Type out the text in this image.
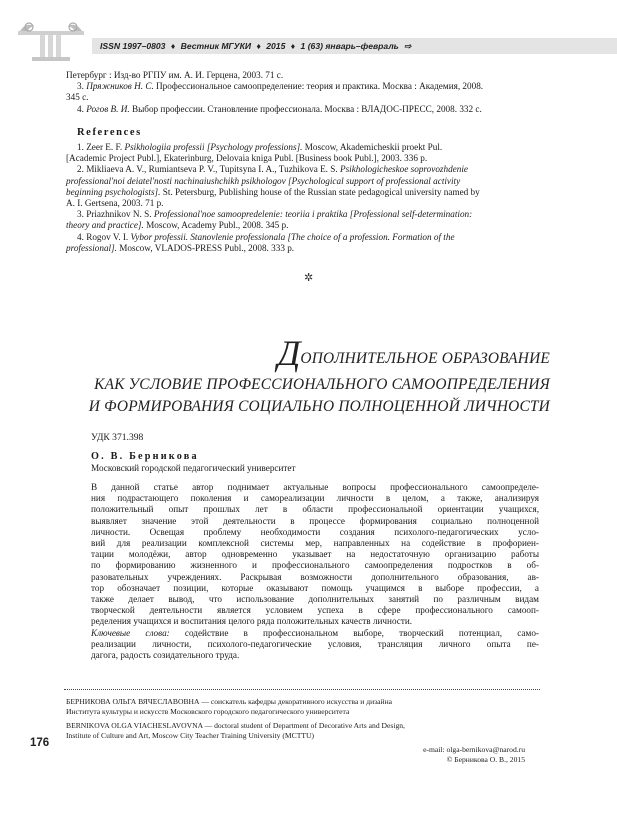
ISSN 1997–0803 ♦ Вестник МГУКИ ♦ 2015 ♦ 1 (63) январь–февраль ⇨
Петербург : Изд-во РГПУ им. А. И. Герцена, 2003. 71 с.
3. Пряжников Н. С. Профессиональное самоопределение: теория и практика. Москва : Академия, 2008.
345 с.
4. Рогов В. И. Выбор профессии. Становление профессионала. Москва : ВЛАДОС-ПРЕСС, 2008. 332 с.
References
1. Zeer E. F. Psikhologiia professii [Psychology professions]. Moscow, Akademicheskii proekt Pul.
[Academic Project Publ.], Ekaterinburg, Delovaia kniga Publ. [Business book Publ.], 2003. 336 p.
2. Mikliaeva A. V., Rumiantseva P. V., Tupitsyna I. A., Tuzhikova E. S. Psikhologicheskoe soprovozhdenie
professional'noi deiatel'nosti nachinaiushchikh psikhologov [Psychological support of professional activity
beginning psychologists]. St. Petersburg, Publishing house of the Russian state pedagogical university named by
A. I. Gertsena, 2003. 71 p.
3. Priazhnikov N. S. Professional'noe samoopredelenie: teoriia i praktika [Professional self-determination:
theory and practice]. Moscow, Academy Publ., 2008. 345 p.
4. Rogov V. I. Vybor professii. Stanovlenie professionala [The choice of a profession. Formation of the
professional]. Moscow, VLADOS-PRESS Publ., 2008. 333 p.
✲
ДОПОЛНИТЕЛЬНОЕ ОБРАЗОВАНИЕ
КАК УСЛОВИЕ ПРОФЕССИОНАЛЬНОГО САМООПРЕДЕЛЕНИЯ
И ФОРМИРОВАНИЯ СОЦИАЛЬНО ПОЛНОЦЕННОЙ ЛИЧНОСТИ
УДК 371.398
О. В. Берникова
Московский городской педагогический университет
В данной статье автор поднимает актуальные вопросы профессионального самоопределе-
ния подрастающего поколения и самореализации личности в целом, а также, анализируя
положительный опыт прошлых лет в области профессиональной ориентации учащихся,
выявляет значение этой деятельности в процессе формирования социально полноценной
личности. Освещая проблему необходимости создания психолого-педагогических усло-
вий для реализации комплексной системы мер, направленных на содействие в профориен-
тации молодёжи, автор одновременно указывает на недостаточную организацию работы
по формированию жизненного и профессионального самоопределения подростков в об-
разовательных учреждениях. Раскрывая возможности дополнительного образования, ав-
тор обозначает позиции, которые оказывают помощь учащимся в выборе профессии, а
также делает вывод, что использование дополнительных занятий по различным видам
творческой деятельности является условием успеха в сфере профессионального самооп-
ределения учащихся и воспитания целого ряда положительных качеств личности.
Ключевые слова: содействие в профессиональном выборе, творческий потенциал, само-
реализации личности, психолого-педагогические условия, трансляция личного опыта пе-
дагога, радость созидательного труда.
БЕРНИКОВА ОЛЬГА ВЯЧЕСЛАВОВНА — соискатель кафедры декоративного искусства и дизайна
Института культуры и искусств Московского городского педагогического университета
BERNIKOVA OLGA VIACHESLAVOVNA — doctoral student of Department of Decorative Arts and Design,
Institute of Culture and Art, Moscow City Teacher Training University (MCTTU)
e-mail: olga-bernikova@narod.ru
© Берникова О. В., 2015
176
